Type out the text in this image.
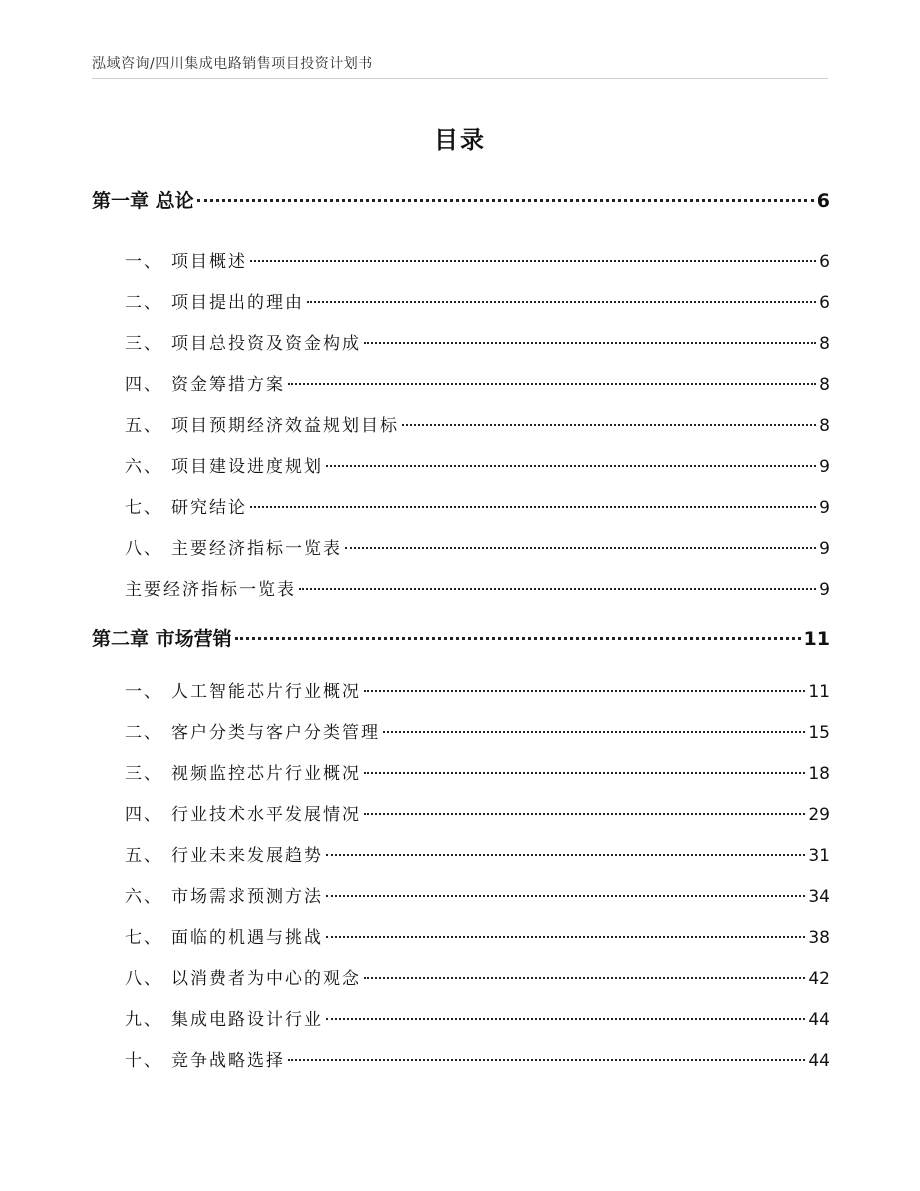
泓域咨询/四川集成电路销售项目投资计划书
目录
第一章 总论	6
一、 项目概述	6
二、 项目提出的理由	6
三、 项目总投资及资金构成	8
四、 资金筹措方案	8
五、 项目预期经济效益规划目标	8
六、 项目建设进度规划	9
七、 研究结论	9
八、 主要经济指标一览表	9
主要经济指标一览表	9
第二章 市场营销	11
一、 人工智能芯片行业概况	11
二、 客户分类与客户分类管理	15
三、 视频监控芯片行业概况	18
四、 行业技术水平发展情况	29
五、 行业未来发展趋势	31
六、 市场需求预测方法	34
七、 面临的机遇与挑战	38
八、 以消费者为中心的观念	42
九、 集成电路设计行业	44
十、 竞争战略选择	44
